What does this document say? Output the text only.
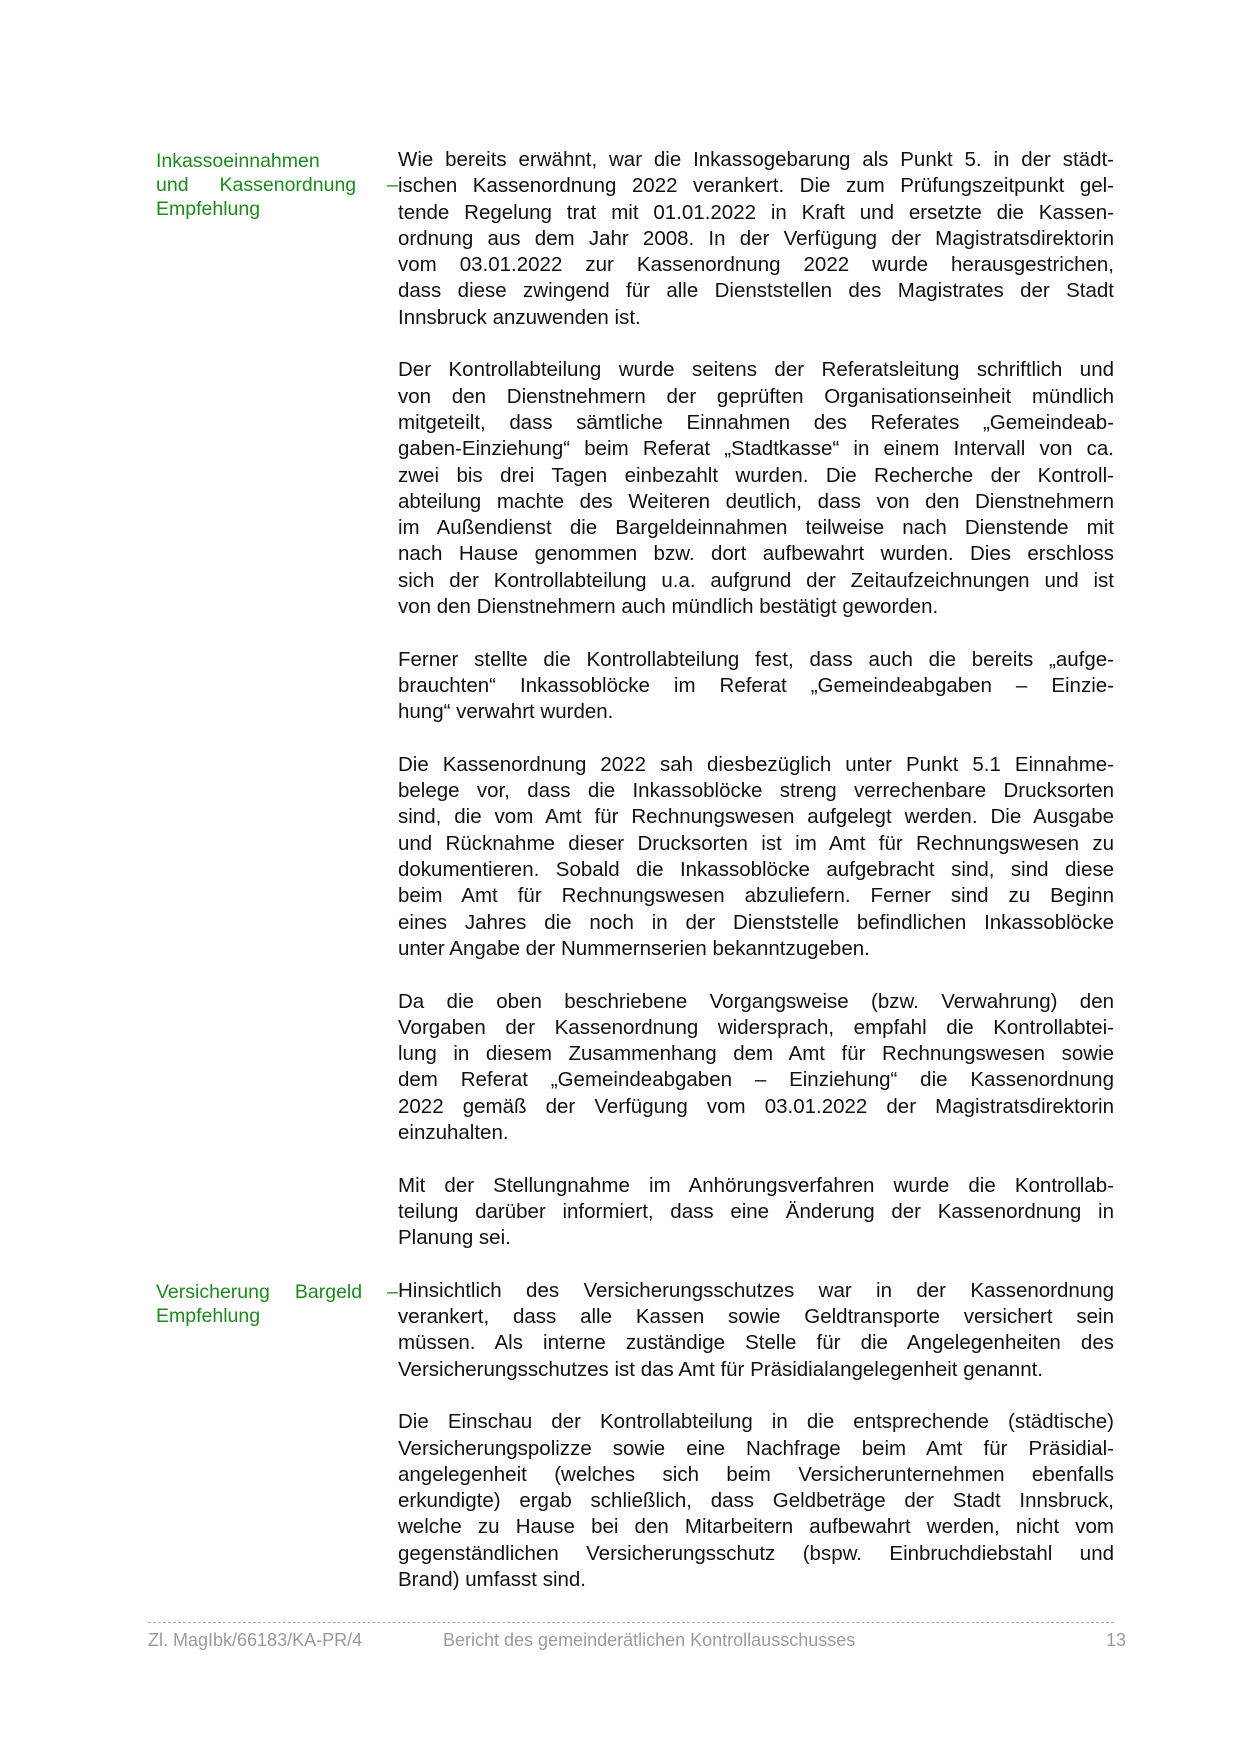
Inkassoeinnahmen
und Kassenordnung –
Empfehlung
Wie bereits erwähnt, war die Inkassogebarung als Punkt 5. in der städt-
ischen Kassenordnung 2022 verankert. Die zum Prüfungszeitpunkt gel-
tende Regelung trat mit 01.01.2022 in Kraft und ersetzte die Kassen-
ordnung aus dem Jahr 2008. In der Verfügung der Magistratsdirektorin
vom 03.01.2022 zur Kassenordnung 2022 wurde herausgestrichen,
dass diese zwingend für alle Dienststellen des Magistrates der Stadt
Innsbruck anzuwenden ist.
Der Kontrollabteilung wurde seitens der Referatsleitung schriftlich und
von den Dienstnehmern der geprüften Organisationseinheit mündlich
mitgeteilt, dass sämtliche Einnahmen des Referates „Gemeindeab-
gaben-Einziehung“ beim Referat „Stadtkasse“ in einem Intervall von ca.
zwei bis drei Tagen einbezahlt wurden. Die Recherche der Kontroll-
abteilung machte des Weiteren deutlich, dass von den Dienstnehmern
im Außendienst die Bargeldeinnahmen teilweise nach Dienstende mit
nach Hause genommen bzw. dort aufbewahrt wurden. Dies erschloss
sich der Kontrollabteilung u.a. aufgrund der Zeitaufzeichnungen und ist
von den Dienstnehmern auch mündlich bestätigt geworden.
Ferner stellte die Kontrollabteilung fest, dass auch die bereits „aufge-
brauchten“ Inkassoblöcke im Referat „Gemeindeabgaben – Einzie-
hung“ verwahrt wurden.
Die Kassenordnung 2022 sah diesbezüglich unter Punkt 5.1 Einnahme-
belege vor, dass die Inkassoblöcke streng verrechenbare Drucksorten
sind, die vom Amt für Rechnungswesen aufgelegt werden. Die Ausgabe
und Rücknahme dieser Drucksorten ist im Amt für Rechnungswesen zu
dokumentieren. Sobald die Inkassoblöcke aufgebracht sind, sind diese
beim Amt für Rechnungswesen abzuliefern. Ferner sind zu Beginn
eines Jahres die noch in der Dienststelle befindlichen Inkassoblöcke
unter Angabe der Nummernserien bekanntzugeben.
Da die oben beschriebene Vorgangsweise (bzw. Verwahrung) den
Vorgaben der Kassenordnung widersprach, empfahl die Kontrollabtei-
lung in diesem Zusammenhang dem Amt für Rechnungswesen sowie
dem Referat „Gemeindeabgaben – Einziehung“ die Kassenordnung
2022 gemäß der Verfügung vom 03.01.2022 der Magistratsdirektorin
einzuhalten.
Mit der Stellungnahme im Anhörungsverfahren wurde die Kontrollab-
teilung darüber informiert, dass eine Änderung der Kassenordnung in
Planung sei.
Versicherung Bargeld –
Empfehlung
Hinsichtlich des Versicherungsschutzes war in der Kassenordnung
verankert, dass alle Kassen sowie Geldtransporte versichert sein
müssen. Als interne zuständige Stelle für die Angelegenheiten des
Versicherungsschutzes ist das Amt für Präsidialangelegenheit genannt.
Die Einschau der Kontrollabteilung in die entsprechende (städtische)
Versicherungspolizze sowie eine Nachfrage beim Amt für Präsidial-
angelegenheit (welches sich beim Versicherunternehmen ebenfalls
erkundigte) ergab schließlich, dass Geldbeträge der Stadt Innsbruck,
welche zu Hause bei den Mitarbeitern aufbewahrt werden, nicht vom
gegenständlichen Versicherungsschutz (bspw. Einbruchdiebstahl und
Brand) umfasst sind.
Zl. MagIbk/66183/KA-PR/4	Bericht des gemeinderätlichen Kontrollausschusses	13
